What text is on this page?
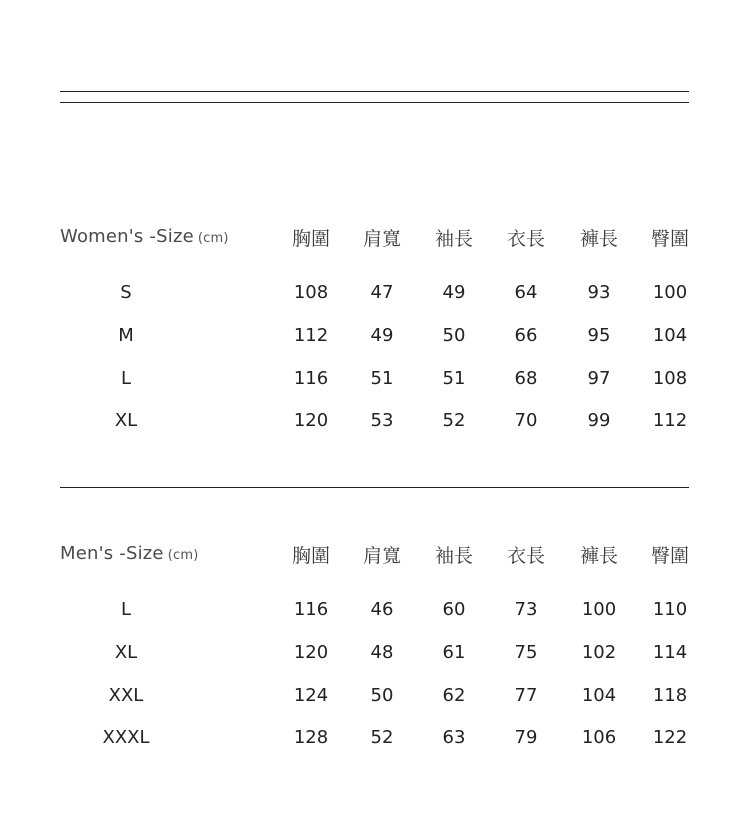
Women's -Size (cm)	胸圍	肩寬	袖長	衣長	褲長	臀圍
S	108	47	49	64	93	100
M	112	49	50	66	95	104
L	116	51	51	68	97	108
XL	120	53	52	70	99	112
Men's -Size (cm)	胸圍	肩寬	袖長	衣長	褲長	臀圍
L	116	46	60	73	100	110
XL	120	48	61	75	102	114
XXL	124	50	62	77	104	118
XXXL	128	52	63	79	106	122
